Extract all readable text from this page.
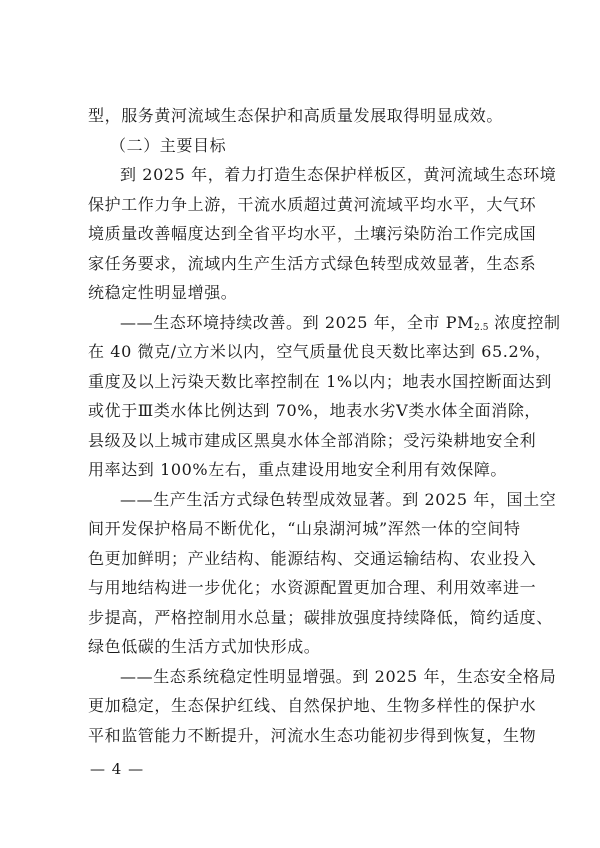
型，服务黄河流域生态保护和高质量发展取得明显成效。
（二）主要目标
到 2025 年，着力打造生态保护样板区，黄河流域生态环境
保护工作力争上游，干流水质超过黄河流域平均水平，大气环
境质量改善幅度达到全省平均水平，土壤污染防治工作完成国
家任务要求，流域内生产生活方式绿色转型成效显著，生态系
统稳定性明显增强。
——生态环境持续改善。到 2025 年，全市 PM2.5 浓度控制
在 40 微克/立方米以内，空气质量优良天数比率达到 65.2%，
重度及以上污染天数比率控制在 1%以内；地表水国控断面达到
或优于Ⅲ类水体比例达到 70%，地表水劣Ⅴ类水体全面消除，
县级及以上城市建成区黑臭水体全部消除；受污染耕地安全利
用率达到 100%左右，重点建设用地安全利用有效保障。
——生产生活方式绿色转型成效显著。到 2025 年，国土空
间开发保护格局不断优化，“山泉湖河城”浑然一体的空间特
色更加鲜明；产业结构、能源结构、交通运输结构、农业投入
与用地结构进一步优化；水资源配置更加合理、利用效率进一
步提高，严格控制用水总量；碳排放强度持续降低，简约适度、
绿色低碳的生活方式加快形成。
——生态系统稳定性明显增强。到 2025 年，生态安全格局
更加稳定，生态保护红线、自然保护地、生物多样性的保护水
平和监管能力不断提升，河流水生态功能初步得到恢复，生物
— 4 —
